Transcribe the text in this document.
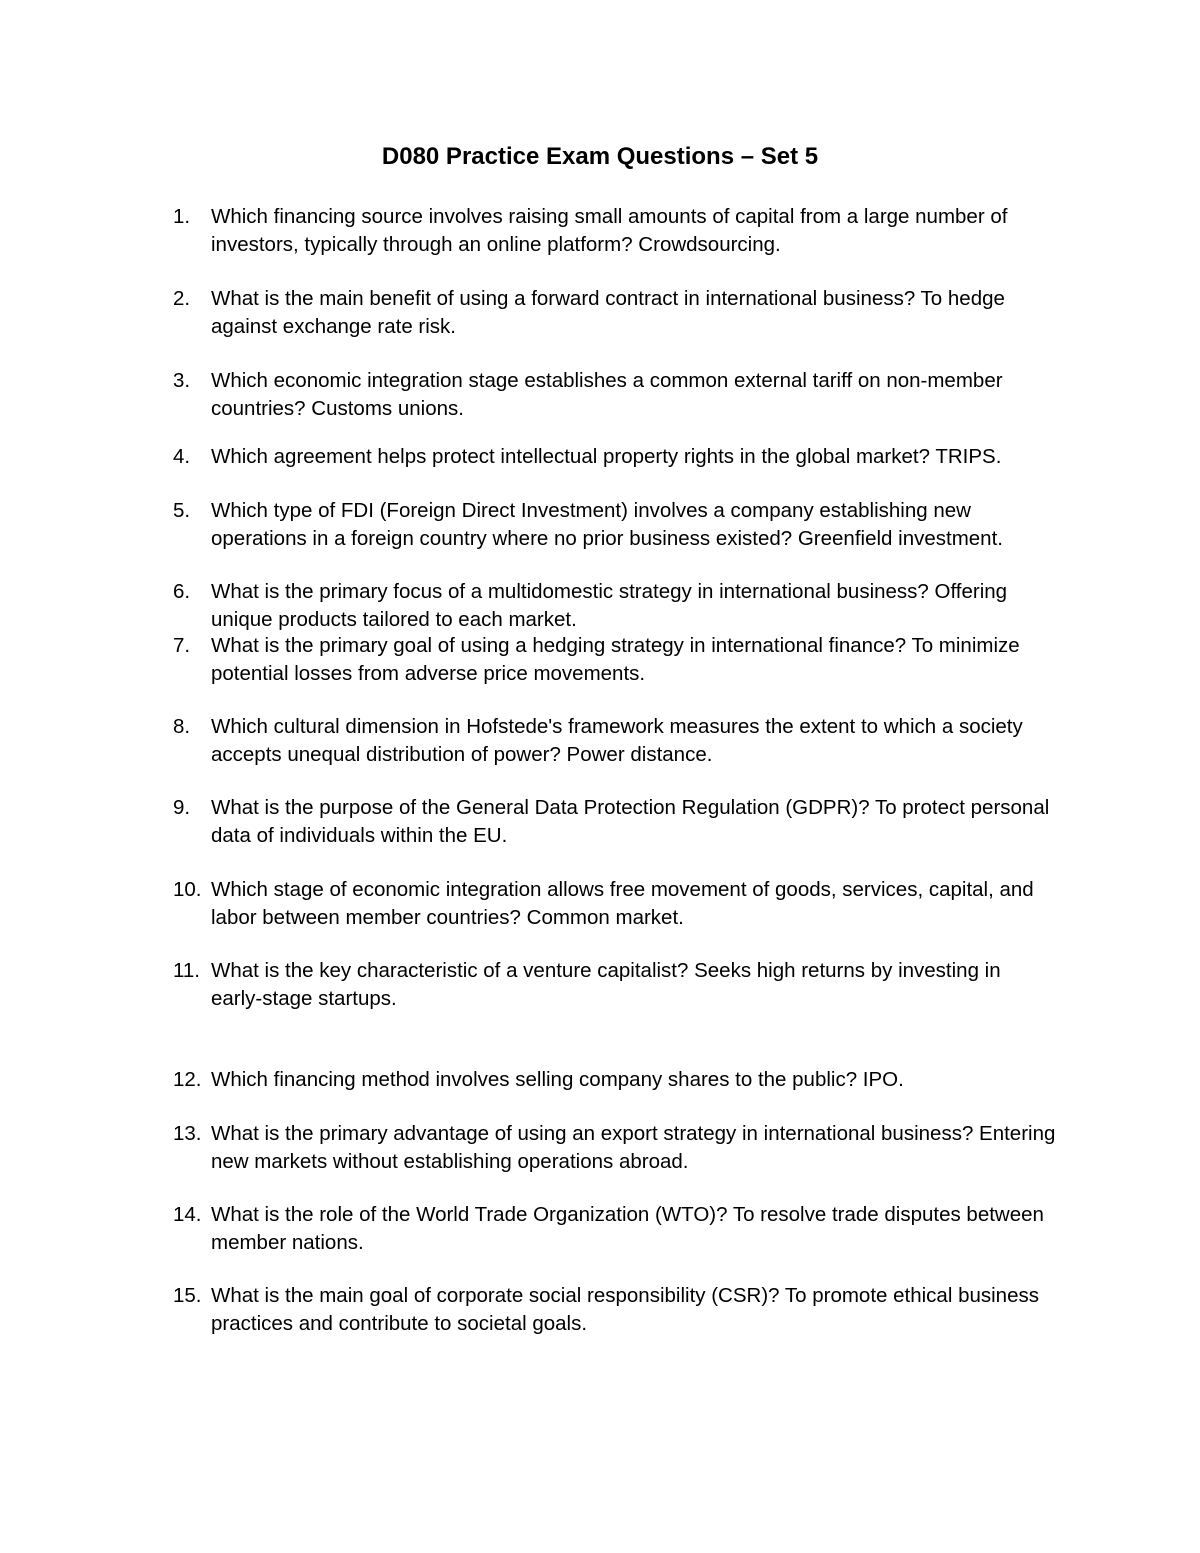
D080 Practice Exam Questions – Set 5
1.	Which financing source involves raising small amounts of capital from a large number of investors, typically through an online platform? Crowdsourcing.
2.	What is the main benefit of using a forward contract in international business? To hedge against exchange rate risk.
3.	Which economic integration stage establishes a common external tariff on non-member countries? Customs unions.
4.	Which agreement helps protect intellectual property rights in the global market? TRIPS.
5.	Which type of FDI (Foreign Direct Investment) involves a company establishing new operations in a foreign country where no prior business existed? Greenfield investment.
6.	What is the primary focus of a multidomestic strategy in international business? Offering unique products tailored to each market.
7.	What is the primary goal of using a hedging strategy in international finance? To minimize potential losses from adverse price movements.
8.	Which cultural dimension in Hofstede's framework measures the extent to which a society accepts unequal distribution of power? Power distance.
9.	What is the purpose of the General Data Protection Regulation (GDPR)? To protect personal data of individuals within the EU.
10. Which stage of economic integration allows free movement of goods, services, capital, and labor between member countries? Common market.
11. What is the key characteristic of a venture capitalist? Seeks high returns by investing in early-stage startups.
12. Which financing method involves selling company shares to the public? IPO.
13. What is the primary advantage of using an export strategy in international business? Entering new markets without establishing operations abroad.
14. What is the role of the World Trade Organization (WTO)? To resolve trade disputes between member nations.
15. What is the main goal of corporate social responsibility (CSR)? To promote ethical business practices and contribute to societal goals.
